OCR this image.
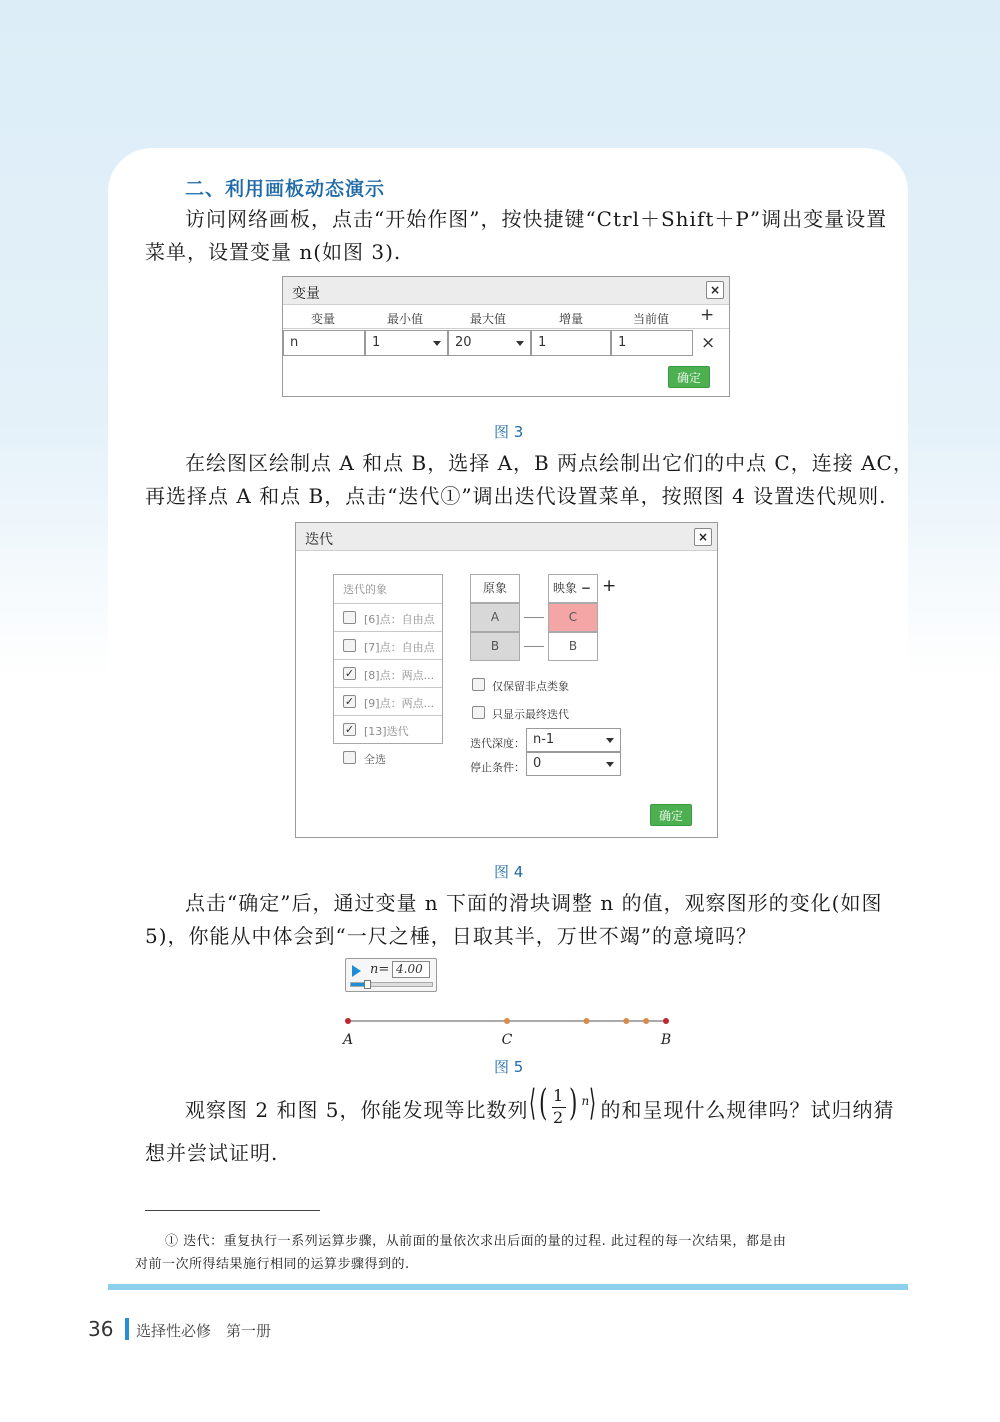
二、利用画板动态演示
访问网络画板，点击“开始作图”，按快捷键“Ctrl＋Shift＋P”调出变量设置
菜单，设置变量 n(如图 3).
变量	×
变量	最小值	最大值	增量	当前值	+
n	1	20	1	1	×
确定
图 3
在绘图区绘制点 A 和点 B，选择 A，B 两点绘制出它们的中点 C，连接 AC，
再选择点 A 和点 B，点击“迭代①”调出迭代设置菜单，按照图 4 设置迭代规则.
迭代	×
迭代的象
[6]点：自由点
[7]点：自由点
✓ [8]点：两点...
✓ [9]点：两点...
✓ [13]迭代
全选
原象	映象 − +
A	C
B	B
仅保留非点类象
只显示最终迭代
迭代深度： n-1
停止条件： 0
确定
图 4
点击“确定”后，通过变量 n 下面的滑块调整 n 的值，观察图形的变化(如图
5)，你能从中体会到“一尺之棰，日取其半，万世不竭”的意境吗？
n= 4.00
A	C	B
图 5
观察图 2 和图 5，你能发现等比数列 ⟨ ( 1
2 ) n
⟩ 的和呈现什么规律吗？试归纳猜
想并尝试证明.
① 迭代：重复执行一系列运算步骤，从前面的量依次求出后面的量的过程. 此过程的每一次结果，都是由
对前一次所得结果施行相同的运算步骤得到的.
36 选择性必修　第一册
